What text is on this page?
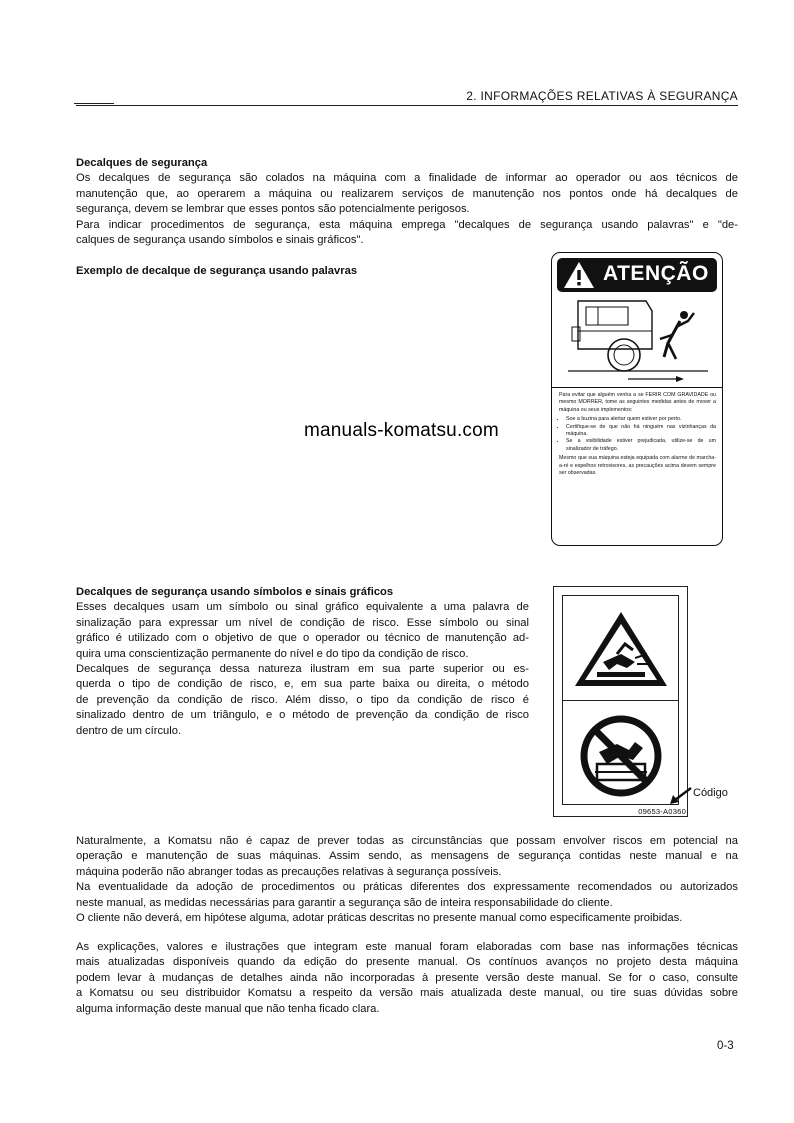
2. INFORMAÇÕES RELATIVAS À SEGURANÇA
Decalques de segurança
Os decalques de segurança são colados na máquina com a finalidade de informar ao operador ou aos técnicos de
manutenção que, ao operarem a máquina ou realizarem serviços de manutenção nos pontos onde há decalques de
segurança, devem se lembrar que esses pontos são potencialmente perigosos.
Para indicar procedimentos de segurança, esta máquina emprega "decalques de segurança usando palavras" e "de-
calques de segurança usando símbolos e sinais gráficos".
Exemplo de decalque de segurança usando palavras	ATENÇÃO

Para evitar que alguém venha a se FERIR COM GRAVIDADE ou mesmo MORRER, tome as seguintes medidas antes de mover a máquina ou seus implementos:

• Soe a buzina para alertar quem estiver por perto.
• Certifique-se de que não há ninguém nas vizinhanças da máquina.
• Se a visibilidade estiver prejudicada, utilize-se de um sinalizador de tráfego.

Mesmo que sua máquina esteja equipada com alarme de marcha-a-ré e espelhos retrovisores, as precauções acima devem sempre ser observadas.

manuals-komatsu.com
Decalques de segurança usando símbolos e sinais gráficos
Esses decalques usam um símbolo ou sinal gráfico equivalente a uma palavra de
sinalização para expressar um nível de condição de risco. Esse símbolo ou sinal
gráfico é utilizado com o objetivo de que o operador ou técnico de manutenção ad-
quira uma conscientização permanente do nível e do tipo da condição de risco.
Decalques de segurança dessa natureza ilustram em sua parte superior ou es-
querda o tipo de condição de risco, e, em sua parte baixa ou direita, o método
de prevenção da condição de risco. Além disso, o tipo da condição de risco é
sinalizado dentro de um triângulo, e o método de prevenção da condição de risco
dentro de um círculo.
09653-A0360
Código
Naturalmente, a Komatsu não é capaz de prever todas as circunstâncias que possam envolver riscos em potencial na
operação e manutenção de suas máquinas. Assim sendo, as mensagens de segurança contidas neste manual e na
máquina poderão não abranger todas as precauções relativas à segurança possíveis.
Na eventualidade da adoção de procedimentos ou práticas diferentes dos expressamente recomendados ou autorizados
neste manual, as medidas necessárias para garantir a segurança são de inteira responsabilidade do cliente.
O cliente não deverá, em hipótese alguma, adotar práticas descritas no presente manual como especificamente proibidas.
As explicações, valores e ilustrações que integram este manual foram elaboradas com base nas informações técnicas
mais atualizadas disponíveis quando da edição do presente manual. Os contínuos avanços no projeto desta máquina
podem levar à mudanças de detalhes ainda não incorporadas à presente versão deste manual. Se for o caso, consulte
a Komatsu ou seu distribuidor Komatsu a respeito da versão mais atualizada deste manual, ou tire suas dúvidas sobre
alguma informação deste manual que não tenha ficado clara.
0-3
